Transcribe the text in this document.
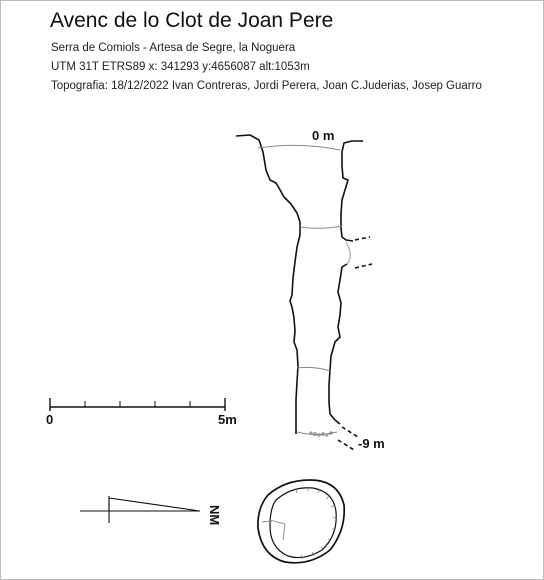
Avenc de lo Clot de Joan Pere
Serra de Comiols - Artesa de Segre, la Noguera
UTM 31T ETRS89 x: 341293 y:4656087 alt:1053m
Topografia: 18/12/2022 Ivan Contreras, Jordi Perera, Joan C.Juderias, Josep Guarro
0 m
-9 m
0	5m
NM
